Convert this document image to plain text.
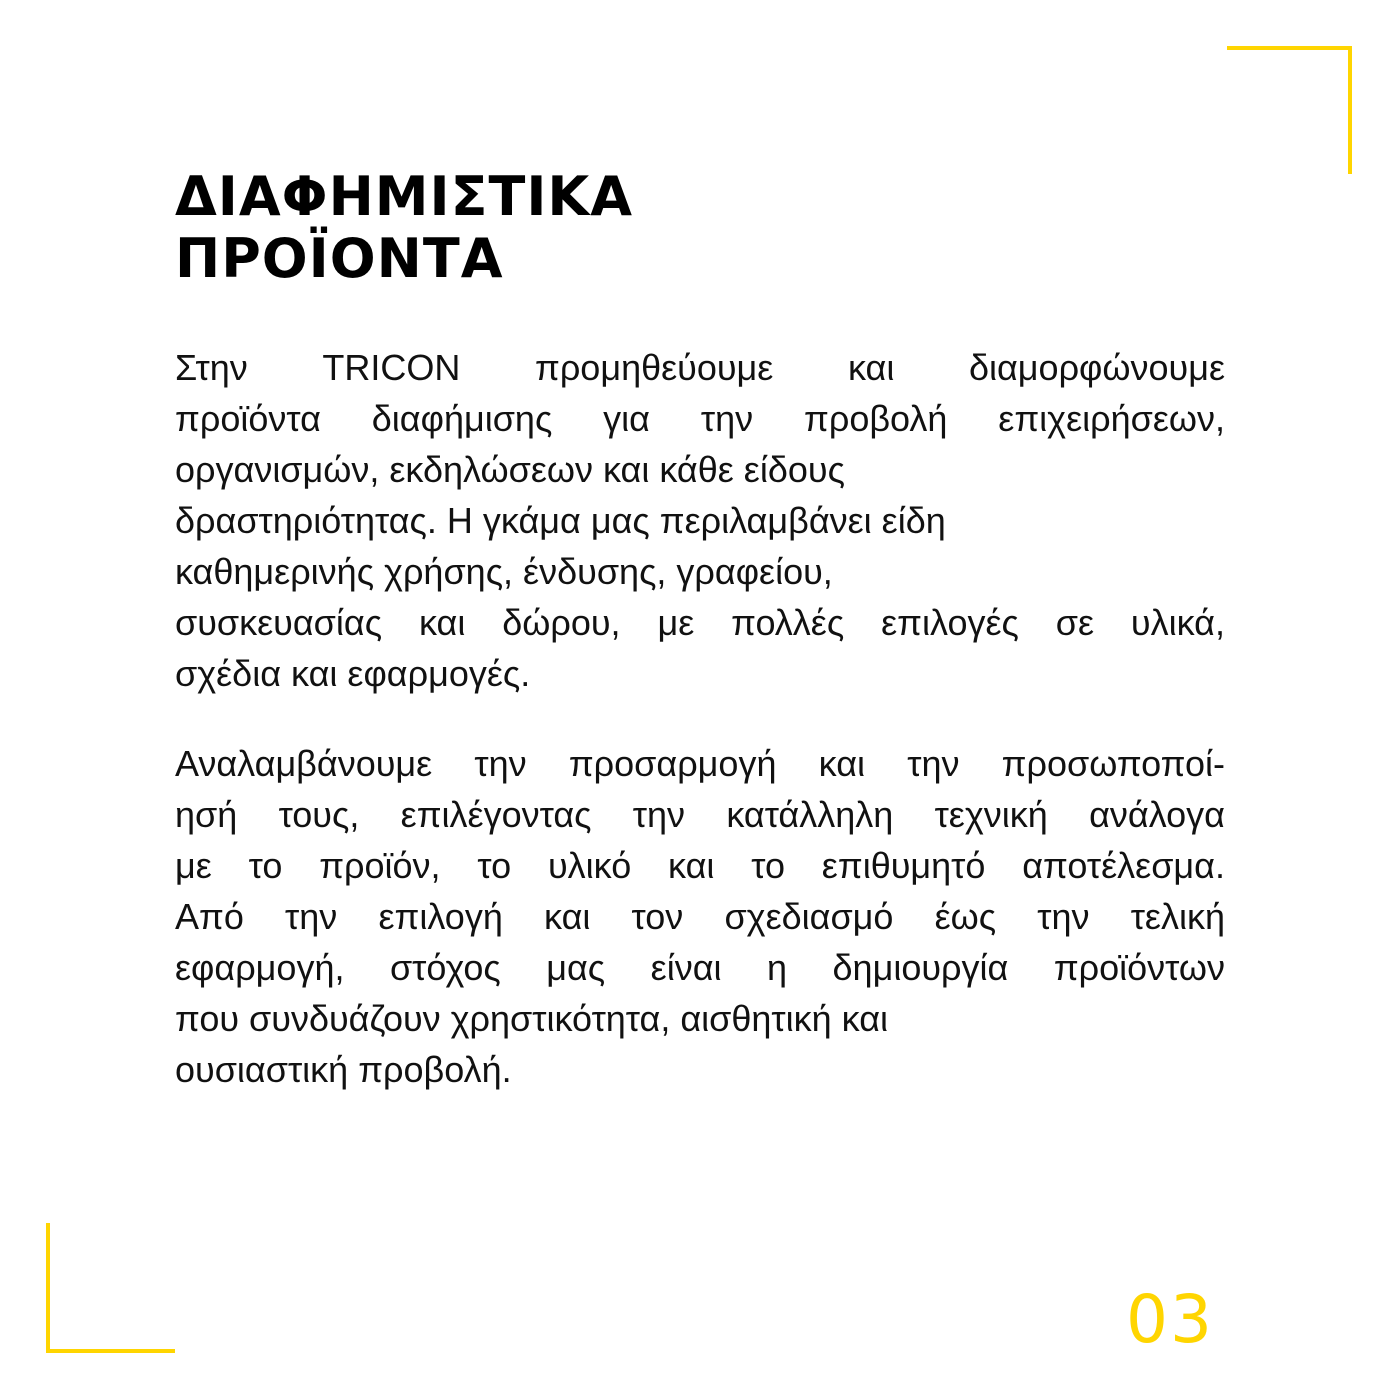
ΔΙΑΦΗΜΙΣΤΙΚΑ
ΠΡΟΪΟΝΤΑ
Στην TRICON προμηθεύουμε και διαμορφώνουμε
προϊόντα διαφήμισης για την προβολή επιχειρήσεων,
οργανισμών, εκδηλώσεων και κάθε είδους
δραστηριότητας. Η γκάμα μας περιλαμβάνει είδη
καθημερινής χρήσης, ένδυσης, γραφείου,
συσκευασίας και δώρου, με πολλές επιλογές σε υλικά,
σχέδια και εφαρμογές.
Αναλαμβάνουμε την προσαρμογή και την προσωποποί-
ησή τους, επιλέγοντας την κατάλληλη τεχνική ανάλογα
με το προϊόν, το υλικό και το επιθυμητό αποτέλεσμα.
Από την επιλογή και τον σχεδιασμό έως την τελική
εφαρμογή, στόχος μας είναι η δημιουργία προϊόντων
που συνδυάζουν χρηστικότητα, αισθητική και
ουσιαστική προβολή.
03
